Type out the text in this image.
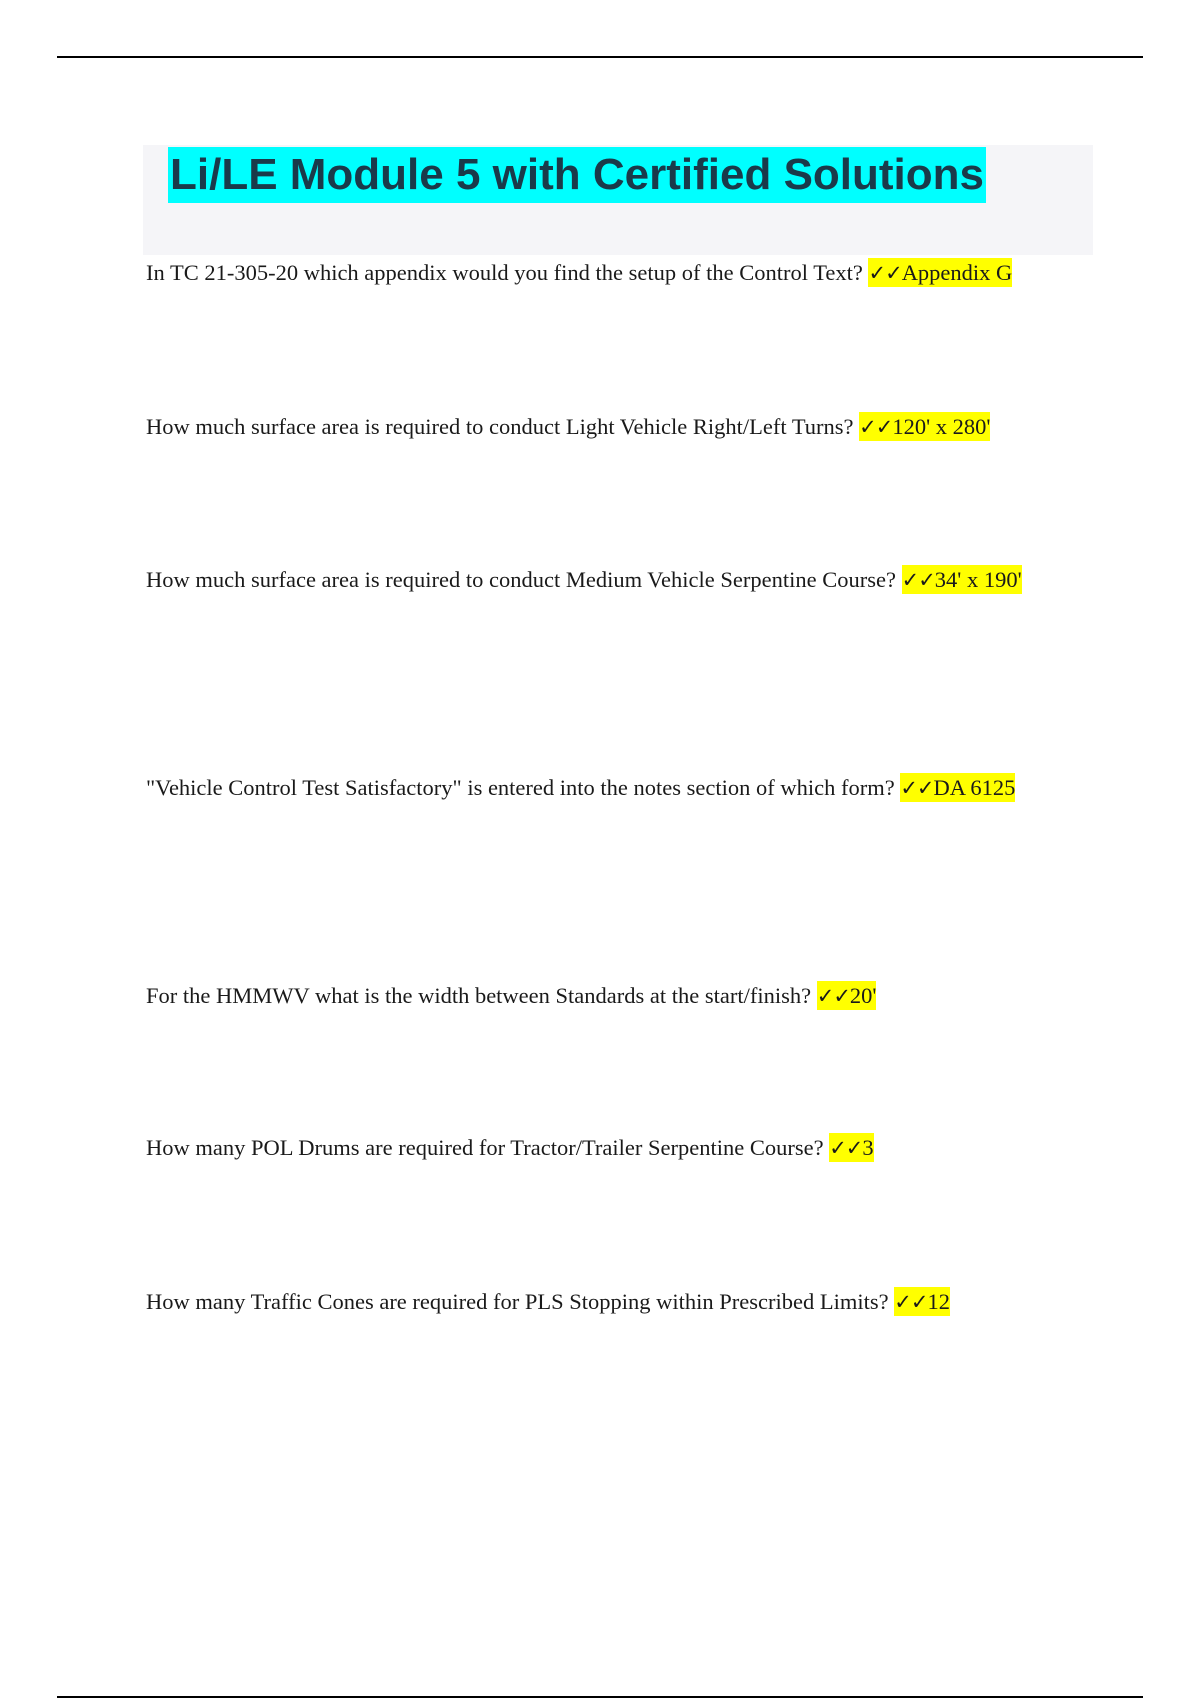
Li/LE Module 5 with Certified Solutions

In TC 21-305-20 which appendix would you find the setup of the Control Text? ✓✓Appendix G

How much surface area is required to conduct Light Vehicle Right/Left Turns? ✓✓120' x 280'

How much surface area is required to conduct Medium Vehicle Serpentine Course? ✓✓34' x 190'

"Vehicle Control Test Satisfactory" is entered into the notes section of which form? ✓✓DA 6125

For the HMMWV what is the width between Standards at the start/finish? ✓✓20'

How many POL Drums are required for Tractor/Trailer Serpentine Course? ✓✓3

How many Traffic Cones are required for PLS Stopping within Prescribed Limits? ✓✓12
